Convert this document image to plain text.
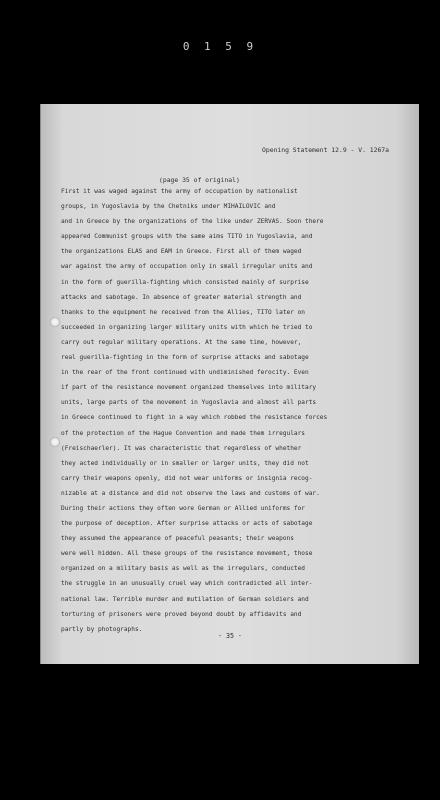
0 1 5 9
Opening Statement 12.9 - V. 1267a
(page 35 of original)
First it was waged against the army of occupation by nationalist
groups, in Yugoslavia by the Chetniks under MIHAILOVIC and
and in Greece by the organizations of the like under ZERVAS. Soon there
appeared Communist groups with the same aims TITO in Yugoslavia, and
the organizations ELAS and EAM in Greece. First all of them waged
war against the army of occupation only in small irregular units and
in the form of guerilla-fighting which consisted mainly of surprise
attacks and sabotage. In absence of greater material strength and
thanks to the equipment he received from the Allies, TITO later on
succeeded in organizing larger military units with which he tried to
carry out regular military operations. At the same time, however,
real guerilla-fighting in the form of surprise attacks and sabotage
in the rear of the front continued with undiminished ferocity. Even
if part of the resistance movement organized themselves into military
units, large parts of the movement in Yugoslavia and almost all parts
in Greece continued to fight in a way which robbed the resistance forces
of the protection of the Hague Convention and made them irregulars
(Freischaerler). It was characteristic that regardless of whether
they acted individually or in smaller or larger units, they did not
carry their weapons openly, did not wear uniforms or insignia recog-
nizable at a distance and did not observe the laws and customs of war.
During their actions they often wore German or Allied uniforms for
the purpose of deception. After surprise attacks or acts of sabotage
they assumed the appearance of peaceful peasants; their weapons
were well hidden. All these groups of the resistance movement, those
organized on a military basis as well as the irregulars, conducted
the struggle in an unusually cruel way which contradicted all inter-
national law. Terrible murder and mutilation of German soldiers and
torturing of prisoners were proved beyond doubt by affidavits and
partly by photographs.
- 35 -
